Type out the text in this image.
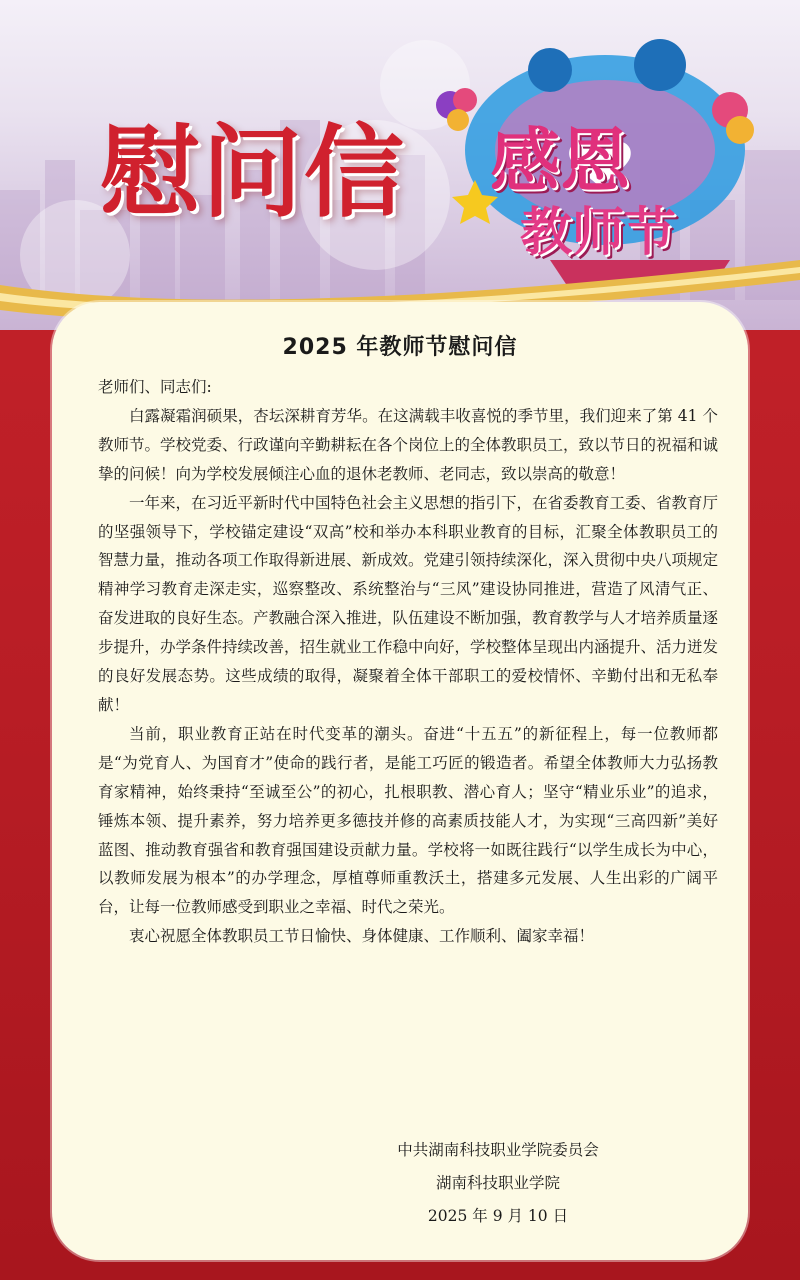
慰问信 感恩
教师节
2025 年教师节慰问信

老师们、同志们:

白露凝霜润硕果，杏坛深耕育芳华。在这满载丰收喜悦的季节里，我们迎来了第 41 个教师节。学校党委、行政谨向辛勤耕耘在各个岗位上的全体教职员工，致以节日的祝福和诚挚的问候！向为学校发展倾注心血的退休老教师、老同志，致以崇高的敬意！

一年来，在习近平新时代中国特色社会主义思想的指引下，在省委教育工委、省教育厅的坚强领导下，学校锚定建设“双高”校和举办本科职业教育的目标，汇聚全体教职员工的智慧力量，推动各项工作取得新进展、新成效。党建引领持续深化，深入贯彻中央八项规定精神学习教育走深走实，巡察整改、系统整治与“三风”建设协同推进，营造了风清气正、奋发进取的良好生态。产教融合深入推进，队伍建设不断加强，教育教学与人才培养质量逐步提升，办学条件持续改善，招生就业工作稳中向好，学校整体呈现出内涵提升、活力迸发的良好发展态势。这些成绩的取得，凝聚着全体干部职工的爱校情怀、辛勤付出和无私奉献！

当前，职业教育正站在时代变革的潮头。奋进“十五五”的新征程上，每一位教师都是“为党育人、为国育才”使命的践行者，是能工巧匠的锻造者。希望全体教师大力弘扬教育家精神，始终秉持“至诚至公”的初心，扎根职教、潜心育人；坚守“精业乐业”的追求，锤炼本领、提升素养，努力培养更多德技并修的高素质技能人才，为实现“三高四新”美好蓝图、推动教育强省和教育强国建设贡献力量。学校将一如既往践行“以学生成长为中心，以教师发展为根本”的办学理念，厚植尊师重教沃土，搭建多元发展、人生出彩的广阔平台，让每一位教师感受到职业之幸福、时代之荣光。

衷心祝愿全体教职员工节日愉快、身体健康、工作顺利、阖家幸福！

中共湖南科技职业学院委员会
湖南科技职业学院
2025 年 9 月 10 日
